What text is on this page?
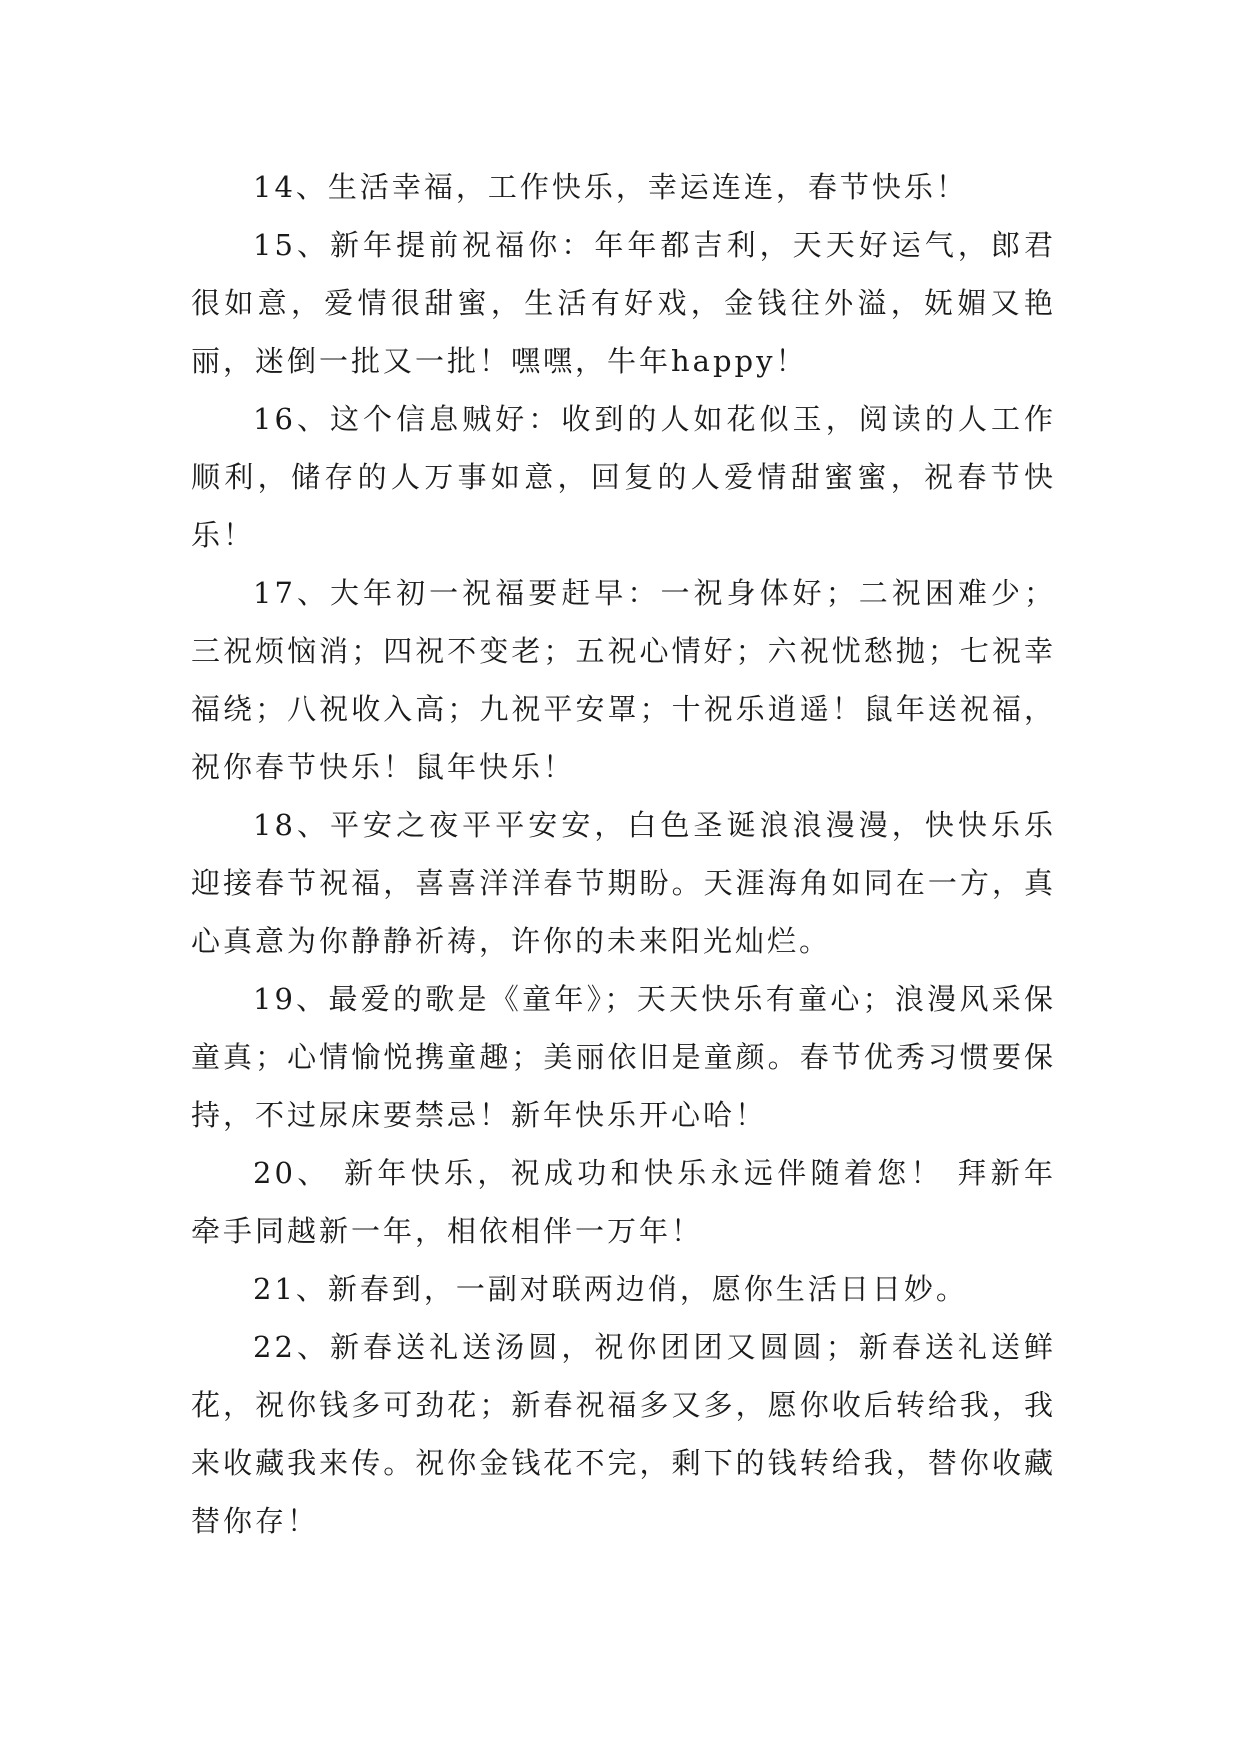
14、生活幸福，工作快乐，幸运连连，春节快乐！

15、新年提前祝福你：年年都吉利，天天好运气，郎君很如意，爱情很甜蜜，生活有好戏，金钱往外溢，妩媚又艳丽，迷倒一批又一批！嘿嘿，牛年happy！

16、这个信息贼好：收到的人如花似玉，阅读的人工作顺利，储存的人万事如意，回复的人爱情甜蜜蜜，祝春节快乐！

17、大年初一祝福要赶早：一祝身体好；二祝困难少；三祝烦恼消；四祝不变老；五祝心情好；六祝忧愁抛；七祝幸福绕；八祝收入高；九祝平安罩；十祝乐逍遥！鼠年送祝福，祝你春节快乐！鼠年快乐！

18、平安之夜平平安安，白色圣诞浪浪漫漫，快快乐乐迎接春节祝福，喜喜洋洋春节期盼。天涯海角如同在一方，真心真意为你静静祈祷，许你的未来阳光灿烂。

19、最爱的歌是《童年》；天天快乐有童心；浪漫风采保童真；心情愉悦携童趣；美丽依旧是童颜。春节优秀习惯要保持，不过尿床要禁忌！新年快乐开心哈！

20、 新年快乐，祝成功和快乐永远伴随着您！ 拜新年牵手同越新一年，相依相伴一万年！

21、新春到，一副对联两边俏，愿你生活日日妙。

22、新春送礼送汤圆，祝你团团又圆圆；新春送礼送鲜花，祝你钱多可劲花；新春祝福多又多，愿你收后转给我，我来收藏我来传。祝你金钱花不完，剩下的钱转给我，替你收藏替你存！
